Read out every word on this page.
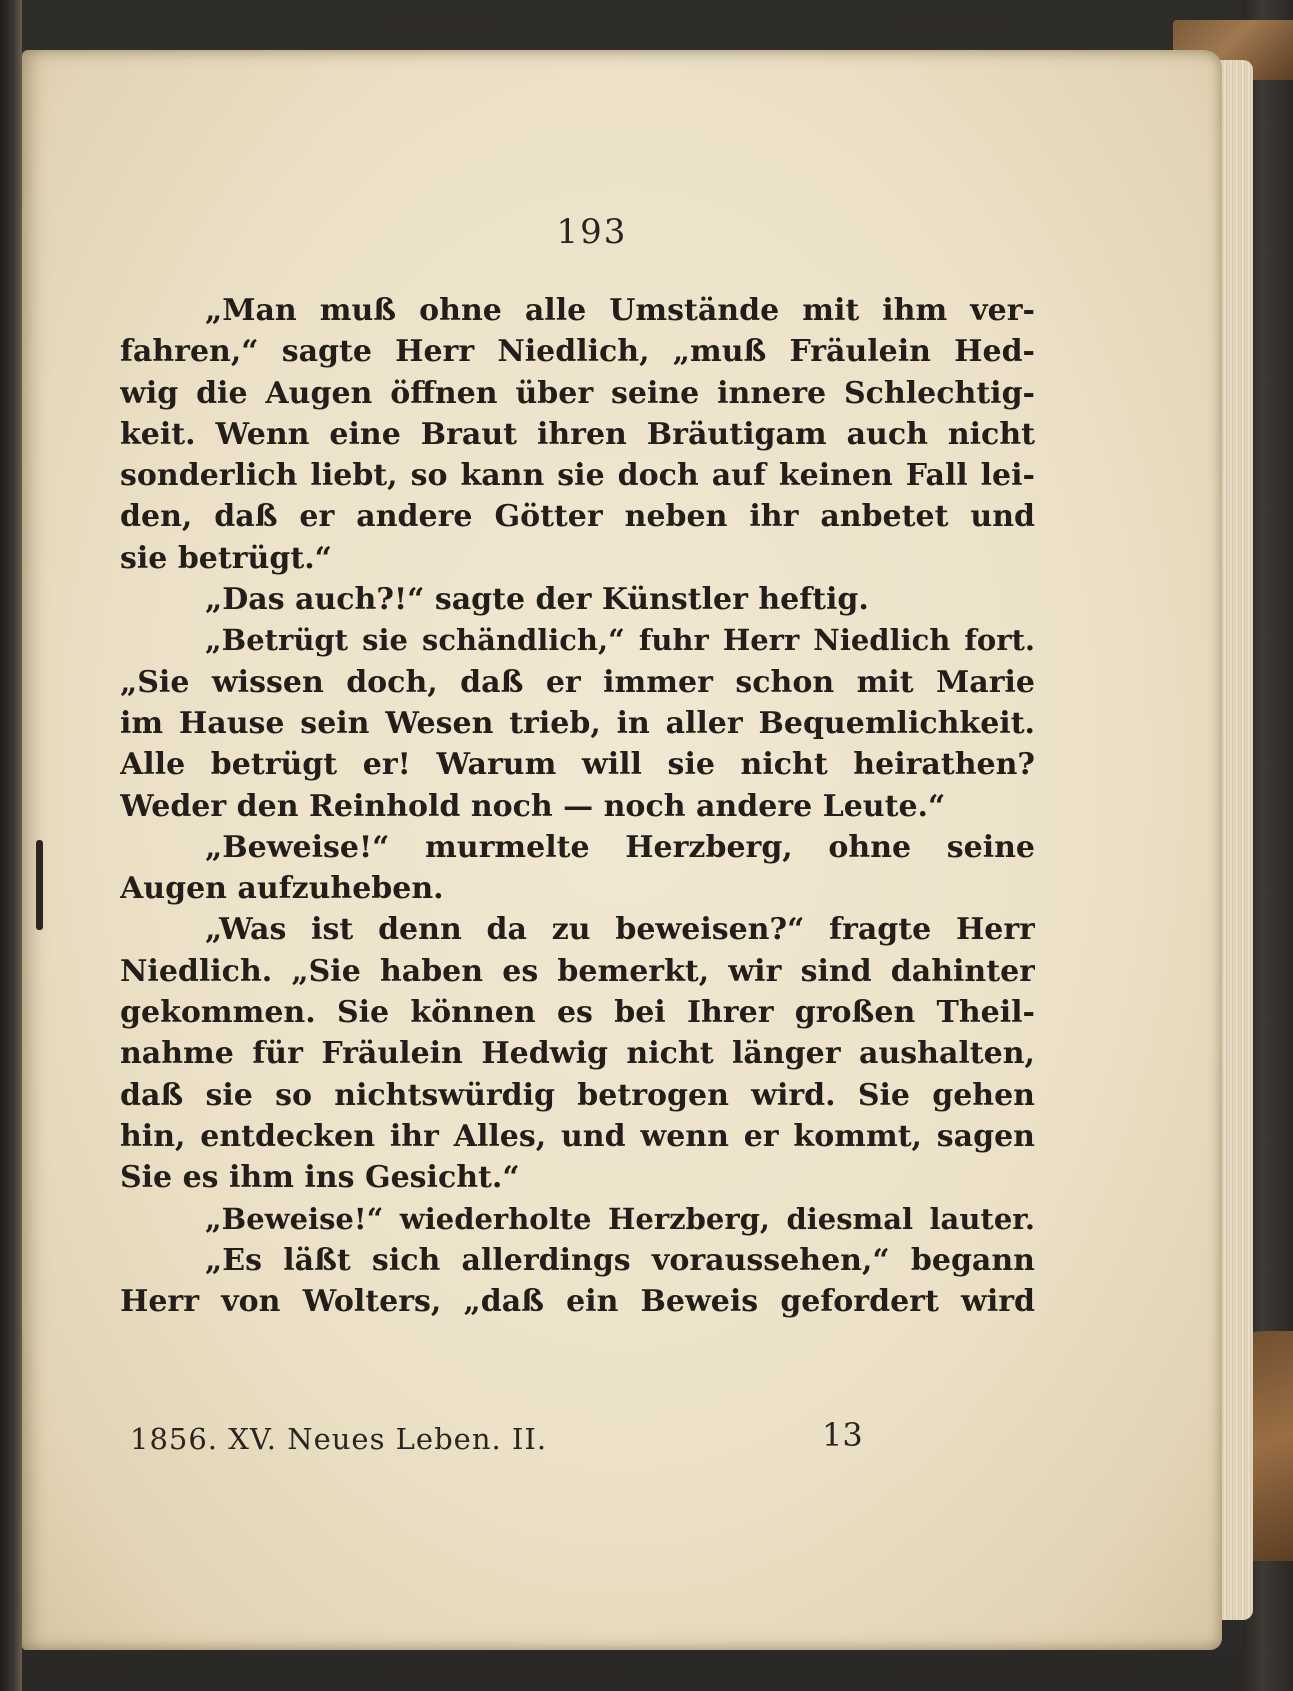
193
„Man muß ohne alle Umstände mit ihm ver-
fahren,“ sagte Herr Niedlich, „muß Fräulein Hed-
wig die Augen öffnen über seine innere Schlechtig-
keit. Wenn eine Braut ihren Bräutigam auch nicht
sonderlich liebt, so kann sie doch auf keinen Fall lei-
den, daß er andere Götter neben ihr anbetet und
sie betrügt.“
„Das auch?!“ sagte der Künstler heftig.
„Betrügt sie schändlich,“ fuhr Herr Niedlich fort.
„Sie wissen doch, daß er immer schon mit Marie
im Hause sein Wesen trieb, in aller Bequemlichkeit.
Alle betrügt er! Warum will sie nicht heirathen?
Weder den Reinhold noch — noch andere Leute.“
„Beweise!“ murmelte Herzberg, ohne seine
Augen aufzuheben.
„Was ist denn da zu beweisen?“ fragte Herr
Niedlich. „Sie haben es bemerkt, wir sind dahinter
gekommen. Sie können es bei Ihrer großen Theil-
nahme für Fräulein Hedwig nicht länger aushalten,
daß sie so nichtswürdig betrogen wird. Sie gehen
hin, entdecken ihr Alles, und wenn er kommt, sagen
Sie es ihm ins Gesicht.“
„Beweise!“ wiederholte Herzberg, diesmal lauter.
„Es läßt sich allerdings voraussehen,“ begann
Herr von Wolters, „daß ein Beweis gefordert wird
1856. XV. Neues Leben. II.	13
